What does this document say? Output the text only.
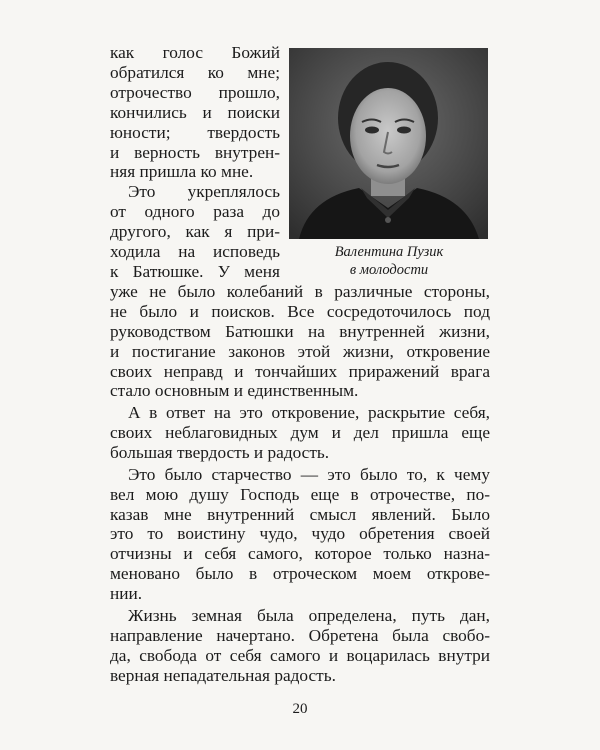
Валентина Пузик
в молодости
как голос Божий
обратился ко мне;
отрочество прошло,
кончились и поиски
юности; твердость
и верность внутрен-
няя пришла ко мне.
Это укреплялось
от одного раза до
другого, как я при-
ходила на исповедь
к Батюшке. У меня
уже не было колебаний в различные стороны,
не было и поисков. Все сосредоточилось под
руководством Батюшки на внутренней жизни,
и постигание законов этой жизни, откровение
своих неправд и тончайших приражений врага
стало основным и единственным.
А в ответ на это откровение, раскрытие себя,
своих неблаговидных дум и дел пришла еще
большая твердость и радость.
Это было старчество — это было то, к чему
вел мою душу Господь еще в отрочестве, по-
казав мне внутренний смысл явлений. Было
это то воистину чудо, чудо обретения своей
отчизны и себя самого, которое только назна-
меновано было в отроческом моем открове-
нии.
Жизнь земная была определена, путь дан,
направление начертано. Обретена была свобо-
да, свобода от себя самого и воцарилась внутри
верная непадательная радость.
20
